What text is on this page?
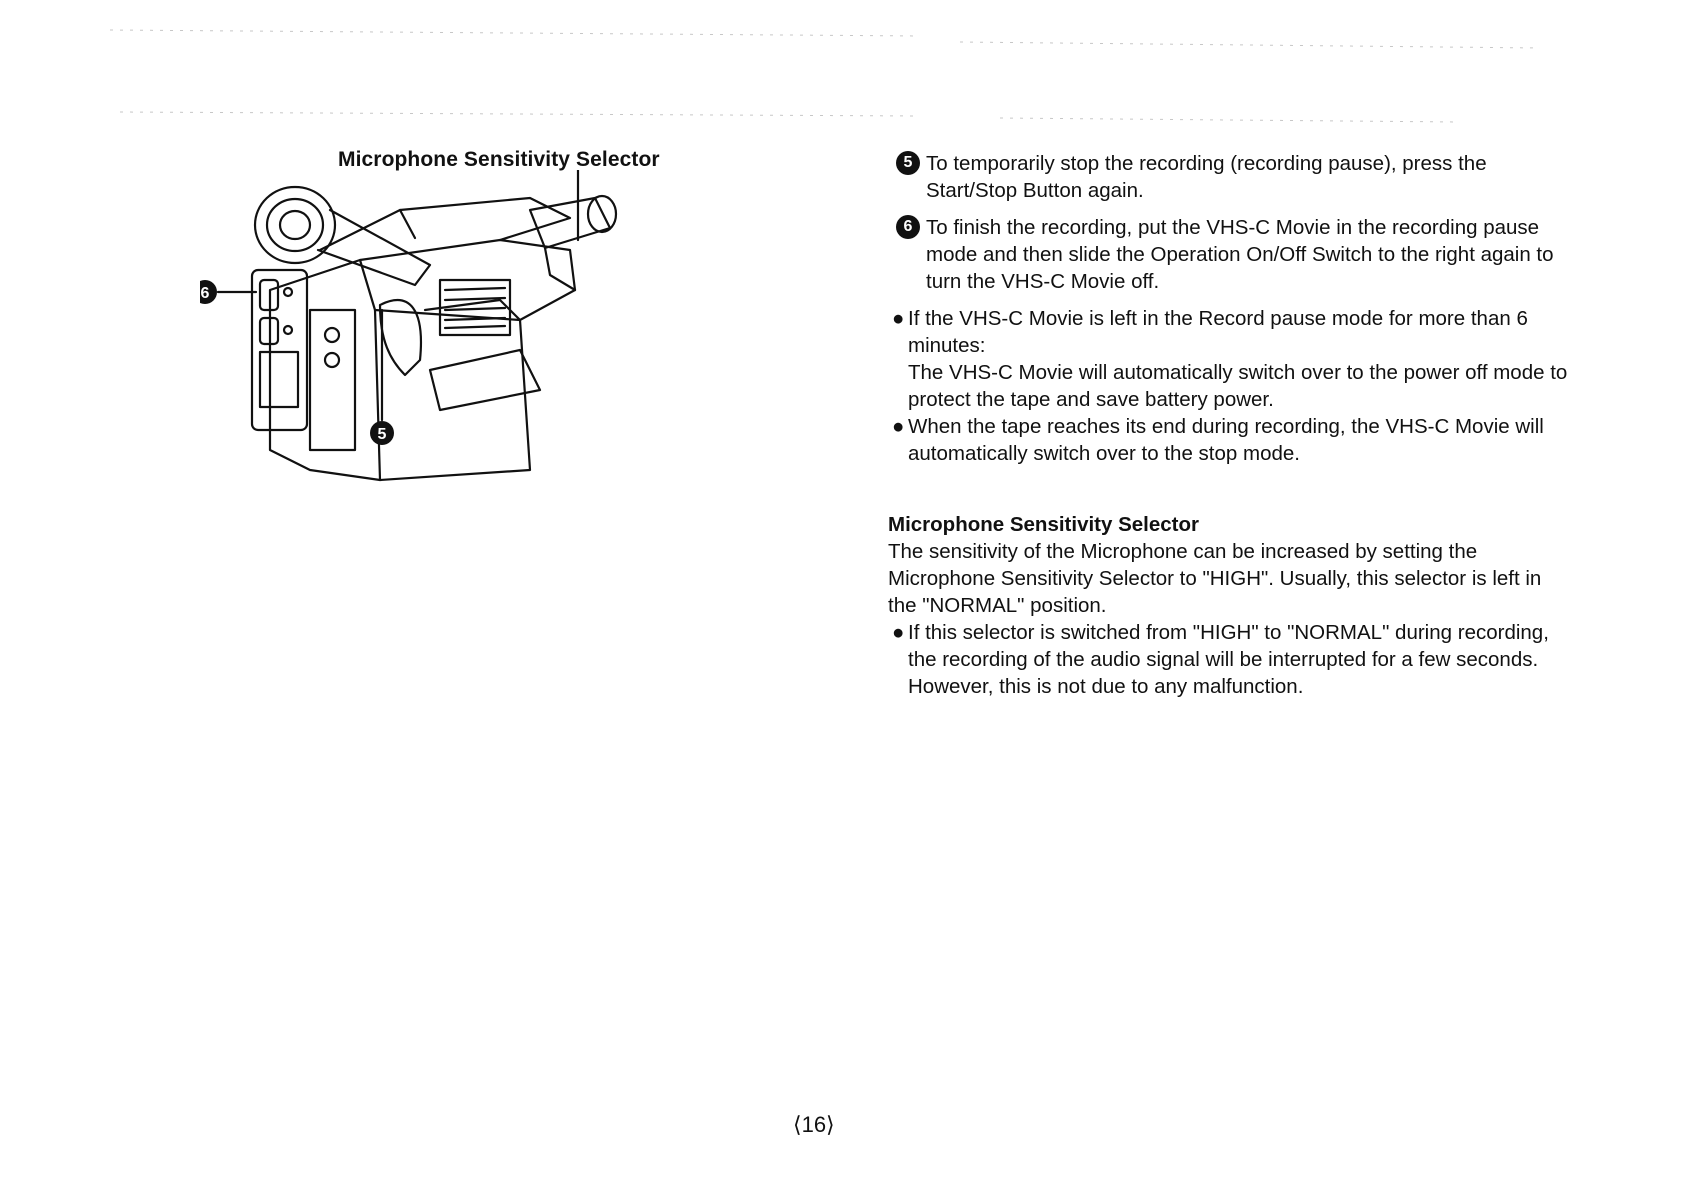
Microphone Sensitivity Selector
6
5
5 To temporarily stop the recording (recording pause), press the Start/Stop Button again.
6 To finish the recording, put the VHS-C Movie in the recording pause mode and then slide the Operation On/Off Switch to the right again to turn the VHS-C Movie off.
● If the VHS-C Movie is left in the Record pause mode for more than 6 minutes:
The VHS-C Movie will automatically switch over to the power off mode to protect the tape and save battery power.
● When the tape reaches its end during recording, the VHS-C Movie will automatically switch over to the stop mode.
Microphone Sensitivity Selector
The sensitivity of the Microphone can be increased by setting the Microphone Sensitivity Selector to "HIGH". Usually, this selector is left in the "NORMAL" position.
● If this selector is switched from "HIGH" to "NORMAL" during recording, the recording of the audio signal will be interrupted for a few seconds. However, this is not due to any malfunction.
⟨16⟩
